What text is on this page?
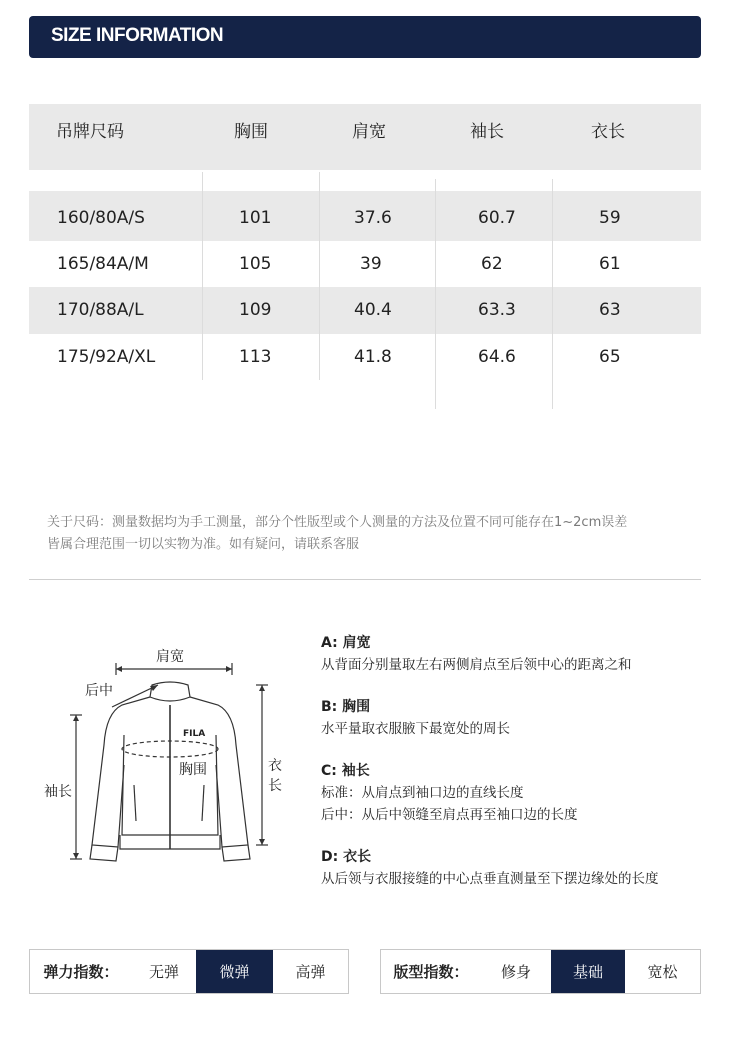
SIZE INFORMATION
吊牌尺码	胸围	肩宽	袖长	衣长
160/80A/S	101	37.6	60.7	59
165/84A/M	105	39	62	61
170/88A/L	109	40.4	63.3	63
175/92A/XL	113	41.8	64.6	65
关于尺码：测量数据均为手工测量，部分个性版型或个人测量的方法及位置不同可能存在1~2cm误差
皆属合理范围一切以实物为准。如有疑问，请联系客服
FILA
肩宽
后中
胸围
袖长
衣长
A: 肩宽
从背面分别量取左右两侧肩点至后领中心的距离之和
B: 胸围
水平量取衣服腋下最宽处的周长
C: 袖长
标准：从肩点到袖口边的直线长度
后中：从后中领缝至肩点再至袖口边的长度
D: 衣长
从后领与衣服接缝的中心点垂直测量至下摆边缘处的长度
弹力指数：	无弹	微弹	高弹	版型指数：	修身	基础	宽松
